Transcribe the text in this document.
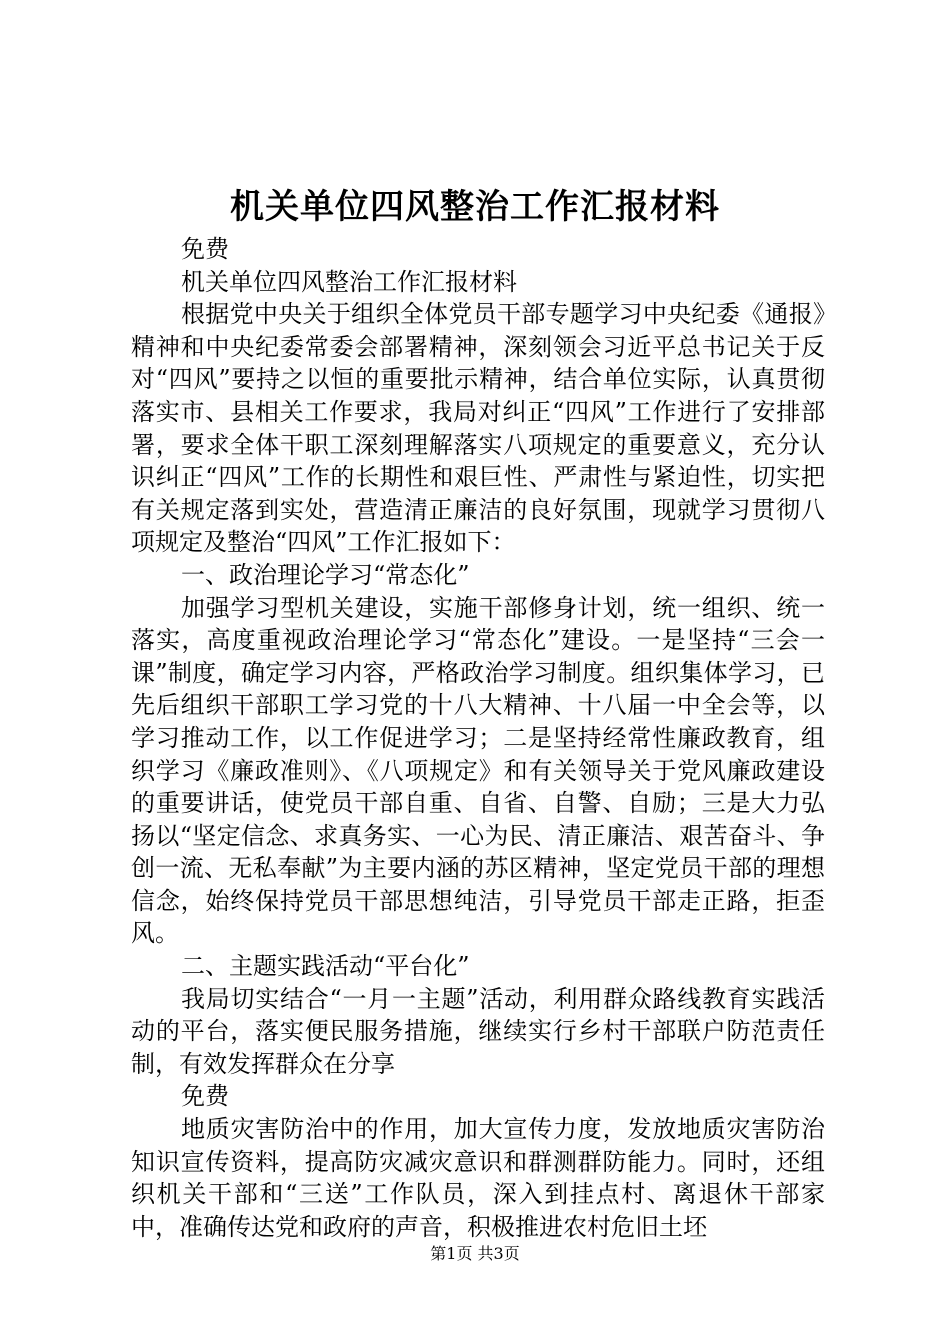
机关单位四风整治工作汇报材料

免费

机关单位四风整治工作汇报材料

根据党中央关于组织全体党员干部专题学习中央纪委《通报》精神和中央纪委常委会部署精神，深刻领会习近平总书记关于反对“四风”要持之以恒的重要批示精神，结合单位实际，认真贯彻落实市、县相关工作要求，我局对纠正“四风”工作进行了安排部署，要求全体干职工深刻理解落实八项规定的重要意义，充分认识纠正“四风”工作的长期性和艰巨性、严肃性与紧迫性，切实把有关规定落到实处，营造清正廉洁的良好氛围，现就学习贯彻八项规定及整治“四风”工作汇报如下：

一、政治理论学习“常态化”

加强学习型机关建设，实施干部修身计划，统一组织、统一落实，高度重视政治理论学习“常态化”建设。一是坚持“三会一课”制度，确定学习内容，严格政治学习制度。组织集体学习，已先后组织干部职工学习党的十八大精神、十八届一中全会等，以学习推动工作，以工作促进学习；二是坚持经常性廉政教育，组织学习《廉政准则》、《八项规定》和有关领导关于党风廉政建设的重要讲话，使党员干部自重、自省、自警、自励；三是大力弘扬以“坚定信念、求真务实、一心为民、清正廉洁、艰苦奋斗、争创一流、无私奉献”为主要内涵的苏区精神，坚定党员干部的理想信念，始终保持党员干部思想纯洁，引导党员干部走正路，拒歪风。

二、主题实践活动“平台化”

我局切实结合“一月一主题”活动，利用群众路线教育实践活动的平台，落实便民服务措施，继续实行乡村干部联户防范责任制，有效发挥群众在分享

免费

地质灾害防治中的作用，加大宣传力度，发放地质灾害防治知识宣传资料，提高防灾减灾意识和群测群防能力。同时，还组织机关干部和“三送”工作队员，深入到挂点村、离退休干部家中，准确传达党和政府的声音，积极推进农村危旧土坯

第1页 共3页
